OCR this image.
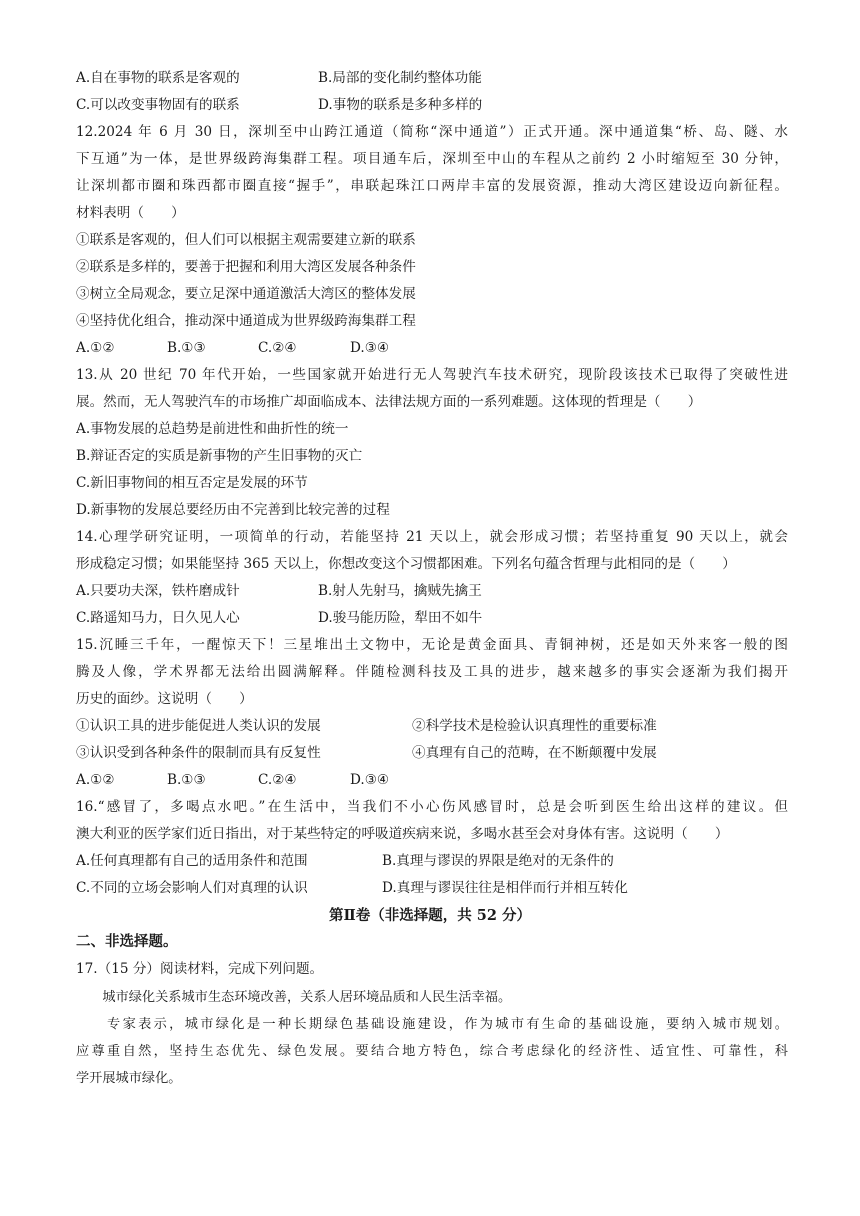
A.自在事物的联系是客观的	B.局部的变化制约整体功能
C.可以改变事物固有的联系	D.事物的联系是多种多样的
12.2024 年 6 月 30 日，深圳至中山跨江通道（简称“深中通道”）正式开通。深中通道集“桥、岛、隧、水
下互通”为一体，是世界级跨海集群工程。项目通车后，深圳至中山的车程从之前约 2 小时缩短至 30 分钟，
让深圳都市圈和珠西都市圈直接“握手”，串联起珠江口两岸丰富的发展资源，推动大湾区建设迈向新征程。
材料表明（　　）
①联系是客观的，但人们可以根据主观需要建立新的联系
②联系是多样的，要善于把握和利用大湾区发展各种条件
③树立全局观念，要立足深中通道激活大湾区的整体发展
④坚持优化组合，推动深中通道成为世界级跨海集群工程
A.①②	B.①③	C.②④	D.③④
13.从 20 世纪 70 年代开始，一些国家就开始进行无人驾驶汽车技术研究，现阶段该技术已取得了突破性进
展。然而，无人驾驶汽车的市场推广却面临成本、法律法规方面的一系列难题。这体现的哲理是（　　）
A.事物发展的总趋势是前进性和曲折性的统一
B.辩证否定的实质是新事物的产生旧事物的灭亡
C.新旧事物间的相互否定是发展的环节
D.新事物的发展总要经历由不完善到比较完善的过程
14.心理学研究证明，一项简单的行动，若能坚持 21 天以上，就会形成习惯；若坚持重复 90 天以上，就会
形成稳定习惯；如果能坚持 365 天以上，你想改变这个习惯都困难。下列名句蕴含哲理与此相同的是（　　）
A.只要功夫深，铁杵磨成针	B.射人先射马，擒贼先擒王
C.路遥知马力，日久见人心	D.骏马能历险，犁田不如牛
15.沉睡三千年，一醒惊天下！三星堆出土文物中，无论是黄金面具、青铜神树，还是如天外来客一般的图
腾及人像，学术界都无法给出圆满解释。伴随检测科技及工具的进步，越来越多的事实会逐渐为我们揭开
历史的面纱。这说明（　　）
①认识工具的进步能促进人类认识的发展	②科学技术是检验认识真理性的重要标准
③认识受到各种条件的限制而具有反复性	④真理有自己的范畴，在不断颠覆中发展
A.①②	B.①③	C.②④	D.③④
16.“感冒了，多喝点水吧。”在生活中，当我们不小心伤风感冒时，总是会听到医生给出这样的建议。但
澳大利亚的医学家们近日指出，对于某些特定的呼吸道疾病来说，多喝水甚至会对身体有害。这说明（　　）
A.任何真理都有自己的适用条件和范围	B.真理与谬误的界限是绝对的无条件的
C.不同的立场会影响人们对真理的认识	D.真理与谬误往往是相伴而行并相互转化
第Ⅱ卷（非选择题，共 52 分）
二、非选择题。
17.（15 分）阅读材料，完成下列问题。
　　城市绿化关系城市生态环境改善，关系人居环境品质和人民生活幸福。
　　专家表示，城市绿化是一种长期绿色基础设施建设，作为城市有生命的基础设施，要纳入城市规划。
应尊重自然，坚持生态优先、绿色发展。要结合地方特色，综合考虑绿化的经济性、适宜性、可靠性，科
学开展城市绿化。
